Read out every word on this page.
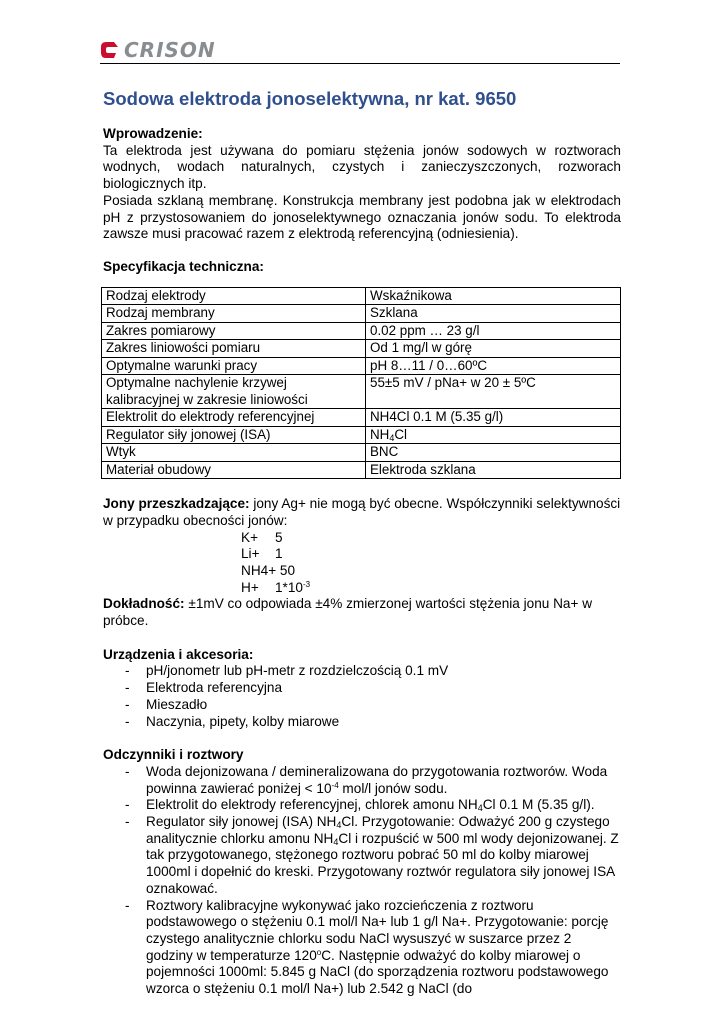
CRISON
Sodowa elektroda jonoselektywna, nr kat. 9650

Wprowadzenie:

Ta elektroda jest używana do pomiaru stężenia jonów sodowych w roztworach wodnych, wodach naturalnych, czystych i zanieczyszczonych, rozworach biologicznych itp.

Posiada szklaną membranę. Konstrukcja membrany jest podobna jak w elektrodach pH z przystosowaniem do jonoselektywnego oznaczania jonów sodu. To elektroda zawsze musi pracować razem z elektrodą referencyjną (odniesienia).

Specyfikacja techniczna:

Rodzaj elektrody	Wskaźnikowa
Rodzaj membrany	Szklana
Zakres pomiarowy	0.02 ppm … 23 g/l
Zakres liniowości pomiaru	Od 1 mg/l w górę
Optymalne warunki pracy	pH 8…11 / 0…60ºC
Optymalne nachylenie krzywej kalibracyjnej w zakresie liniowości	55±5 mV / pNa+ w 20 ± 5ºC
Elektrolit do elektrody referencyjnej	NH4Cl 0.1 M (5.35 g/l)
Regulator siły jonowej (ISA)	$NH_4Cl$
Wtyk	BNC
Materiał obudowy	Elektroda szklana

Jony przeszkadzające: jony Ag+ nie mogą być obecne. Współczynniki selektywności w przypadku obecności jonów:

K+	5
Li+	1
NH4+ 50
H+	$1*10^{-3}$

Dokładność: ±1mV co odpowiada ±4% zmierzonej wartości stężenia jonu Na+ w próbce.

Urządzenia i akcesoria:

- pH/jonometr lub pH-metr z rozdzielczością 0.1 mV
- Elektroda referencyjna
- Mieszadło
- Naczynia, pipety, kolby miarowe

Odczynniki i roztwory

- Woda dejonizowana / demineralizowana do przygotowania roztworów. Woda powinna zawierać poniżej < $10^{-4}$ mol/l jonów sodu.
- Elektrolit do elektrody referencyjnej, chlorek amonu $NH_4Cl$ 0.1 M (5.35 g/l).
- Regulator siły jonowej (ISA) $NH_4Cl$. Przygotowanie: Odważyć 200 g czystego analitycznie chlorku amonu $NH_4Cl$ i rozpuścić w 500 ml wody dejonizowanej. Z tak przygotowanego, stężonego roztworu pobrać 50 ml do kolby miarowej 1000ml i dopełnić do kreski. Przygotowany roztwór regulatora siły jonowej ISA oznakować.
- Roztwory kalibracyjne wykonywać jako rozcieńczenia z roztworu podstawowego o stężeniu 0.1 mol/l Na+ lub 1 g/l Na+. Przygotowanie: porcję czystego analitycznie chlorku sodu NaCl wysuszyć w suszarce przez 2 godziny w temperaturze 120$^o$C. Następnie odważyć do kolby miarowej o pojemności 1000ml: 5.845 g NaCl (do sporządzenia roztworu podstawowego wzorca o stężeniu 0.1 mol/l Na+) lub 2.542 g NaCl (do
